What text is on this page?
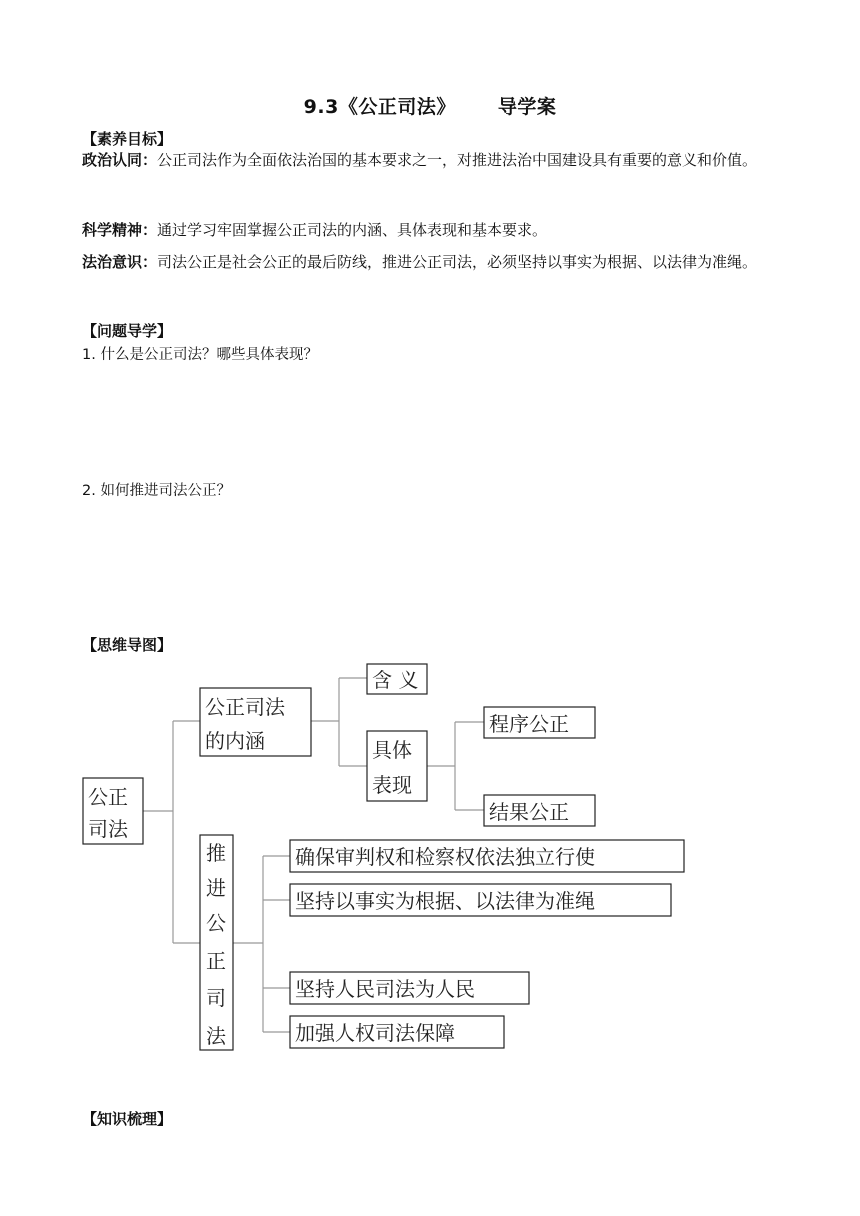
9.3《公正司法》 导学案
【素养目标】
政治认同：公正司法作为全面依法治国的基本要求之一，对推进法治中国建设具有重要的意义和价值。
科学精神：通过学习牢固掌握公正司法的内涵、具体表现和基本要求。
法治意识：司法公正是社会公正的最后防线，推进公正司法，必须坚持以事实为根据、以法律为准绳。
【问题导学】
1. 什么是公正司法？哪些具体表现？
2. 如何推进司法公正？
【思维导图】
公正
司法
公正司法
的内涵
含 义
具体
表现
程序公正
结果公正
推
进
公
正
司
法
确保审判权和检察权依法独立行使
坚持以事实为根据、以法律为准绳
坚持人民司法为人民
加强人权司法保障
【知识梳理】
